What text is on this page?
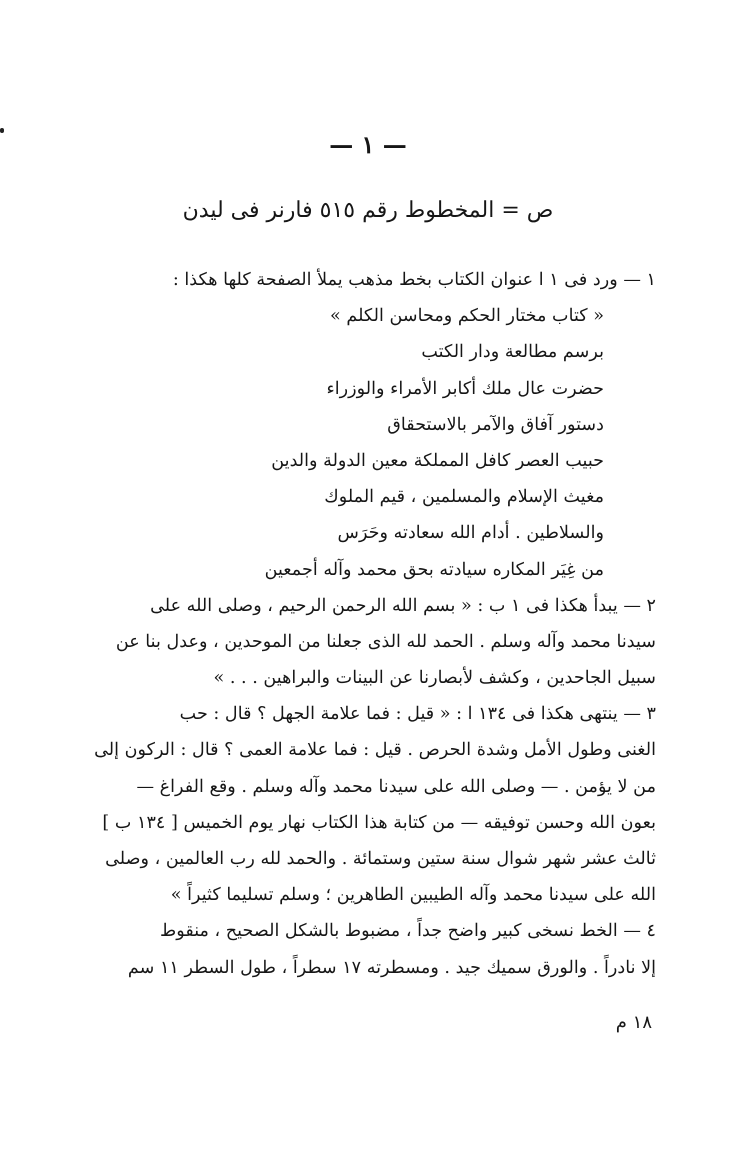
— ١ —
ص = المخطوط رقم ٥١٥ فارنر فى ليدن
١ — ورد فى ١ ا عنوان الكتاب بخط مذهب يملأ الصفحة كلها هكذا :
« كتاب مختار الحكم ومحاسن الكلم »
برسم مطالعة ودار الكتب
حضرت عال ملك أكابر الأمراء والوزراء
دستور آفاق والآمر بالاستحقاق
حبيب العصر كافل المملكة معين الدولة والدين
مغيث الإسلام والمسلمين ، قيم الملوك
والسلاطين . أدام الله سعادته وحَرَس
من غِيَر المكاره سيادته بحق محمد وآله أجمعين
٢ — يبدأ هكذا فى ١ ب : « بسم الله الرحمن الرحيم ، وصلى الله على
سيدنا محمد وآله وسلم . الحمد لله الذى جعلنا من الموحدين ، وعدل بنا عن
سبيل الجاحدين ، وكشف لأبصارنا عن البينات والبراهين . . . »
٣ — ينتهى هكذا فى ١٣٤ ا : « قيل : فما علامة الجهل ؟ قال : حب
الغنى وطول الأمل وشدة الحرص . قيل : فما علامة العمى ؟ قال : الركون إلى
من لا يؤمن . — وصلى الله على سيدنا محمد وآله وسلم . وقع الفراغ —
بعون الله وحسن توفيقه — من كتابة هذا الكتاب نهار يوم الخميس [ ١٣٤ ب ]
ثالث عشر شهر شوال سنة ستين وستمائة . والحمد لله رب العالمين ، وصلى
الله على سيدنا محمد وآله الطيبين الطاهرين ؛ وسلم تسليما كثيراً »
٤ — الخط نسخى كبير واضح جداً ، مضبوط بالشكل الصحيح ، منقوط
إلا نادراً . والورق سميك جيد . ومسطرته ١٧ سطراً ، طول السطر ١١ سم
١٨ م
